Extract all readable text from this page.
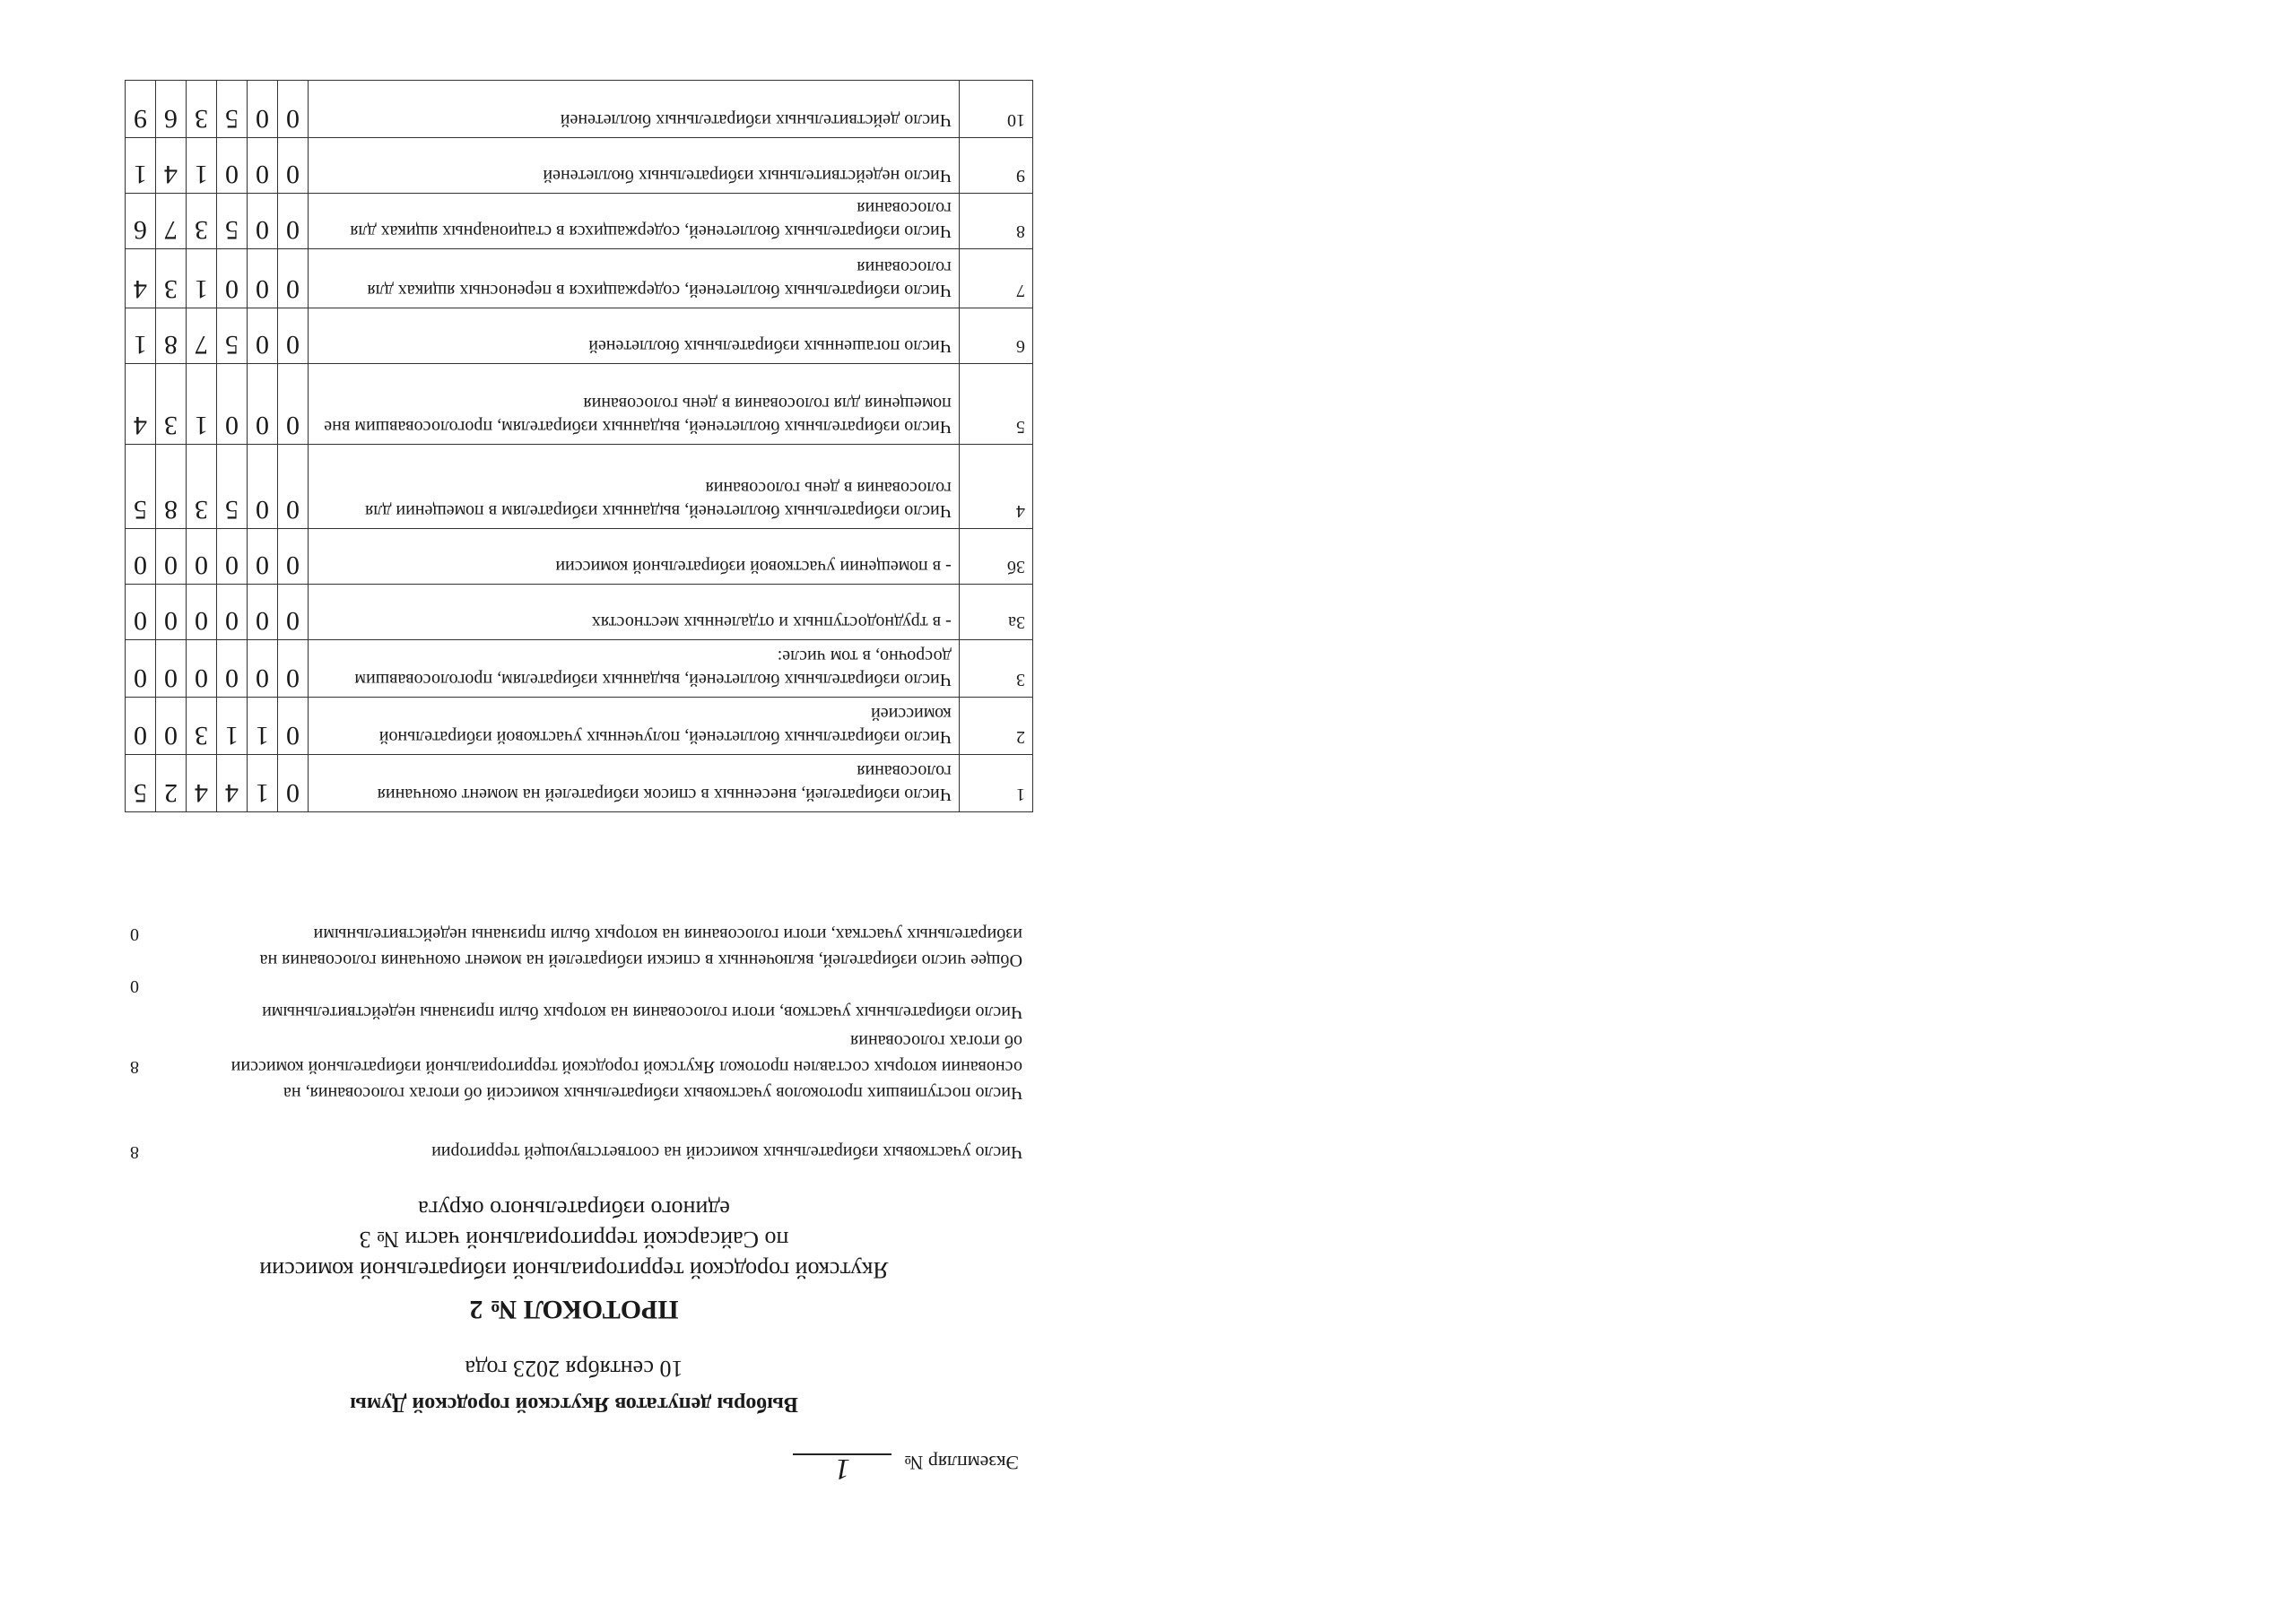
Экземпляр №1
Выборы депутатов Якутской городской Думы
10 сентября 2023 года
ПРОТОКОЛ № 2
Якутской городской территориальной избирательной комиссии
по Сайсарской территориальной части № 3
единого избирательного округа
Число участковых избирательных комиссий на соответствующей территории
8
Число поступивших протоколов участковых избирательных комиссий об итогах голосования, на основании которых составлен протокол Якутской городской территориальной избирательной комиссии об итогах голосования
8
Число избирательных участков, итоги голосования на которых были признаны недействительными
0
Общее число избирателей, включенных в списки избирателей на момент окончания голосования на избирательных участках, итоги голосования на которых были признаны недействительными
0
1	Число избирателей, внесенных в список избирателей на момент окончания голосования	0	1	4	4	2	5
2	Число избирательных бюллетеней, полученных участковой избирательной комиссией	0	1	1	3	0	0
3	Число избирательных бюллетеней, выданных избирателям, проголосовавшим досрочно, в том числе:	0	0	0	0	0	0
3а	- в труднодоступных и отдаленных местностях	0	0	0	0	0	0
3б	- в помещении участковой избирательной комиссии	0	0	0	0	0	0
4	Число избирательных бюллетеней, выданных избирателям в помещении для голосования в день голосования	0	0	5	3	8	5
5	Число избирательных бюллетеней, выданных избирателям, проголосовавшим вне помещения для голосования в день голосования	0	0	0	1	3	4
6	Число погашенных избирательных бюллетеней	0	0	5	7	8	1
7	Число избирательных бюллетеней, содержащихся в переносных ящиках для голосования	0	0	0	1	3	4
8	Число избирательных бюллетеней, содержащихся в стационарных ящиках для голосования	0	0	5	3	7	6
9	Число недействительных избирательных бюллетеней	0	0	0	1	4	1
10	Число действительных избирательных бюллетеней	0	0	5	3	6	9
